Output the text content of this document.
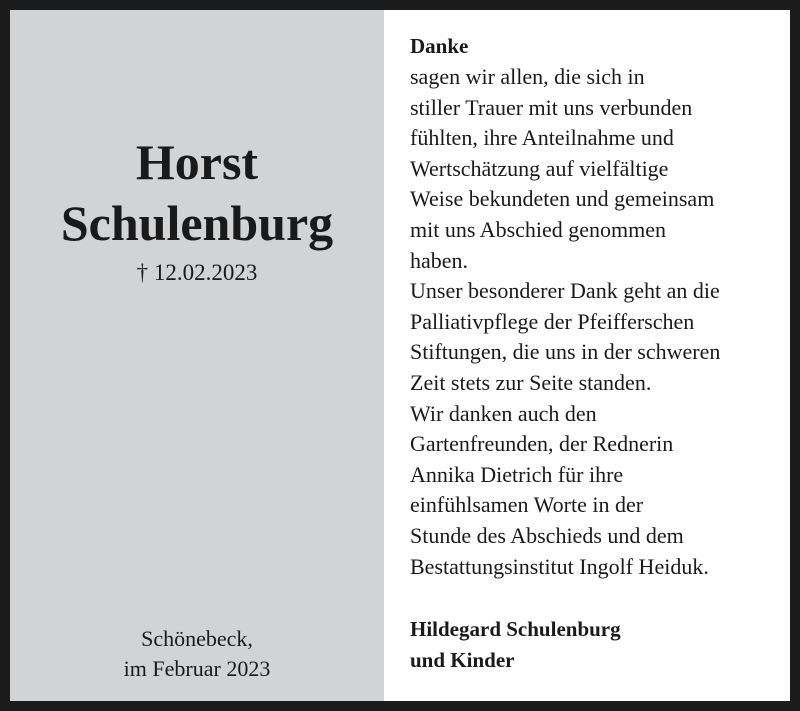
Horst
Schulenburg
† 12.02.2023
Schönebeck,
im Februar 2023
Danke
sagen wir allen, die sich in
stiller Trauer mit uns verbunden
fühlten, ihre Anteilnahme und
Wertschätzung auf vielfältige
Weise bekundeten und gemeinsam
mit uns Abschied genommen
haben.
Unser besonderer Dank geht an die
Palliativpflege der Pfeifferschen
Stiftungen, die uns in der schweren
Zeit stets zur Seite standen.
Wir danken auch den
Gartenfreunden, der Rednerin
Annika Dietrich für ihre
einfühlsamen Worte in der
Stunde des Abschieds und dem
Bestattungsinstitut Ingolf Heiduk.
Hildegard Schulenburg
und Kinder
